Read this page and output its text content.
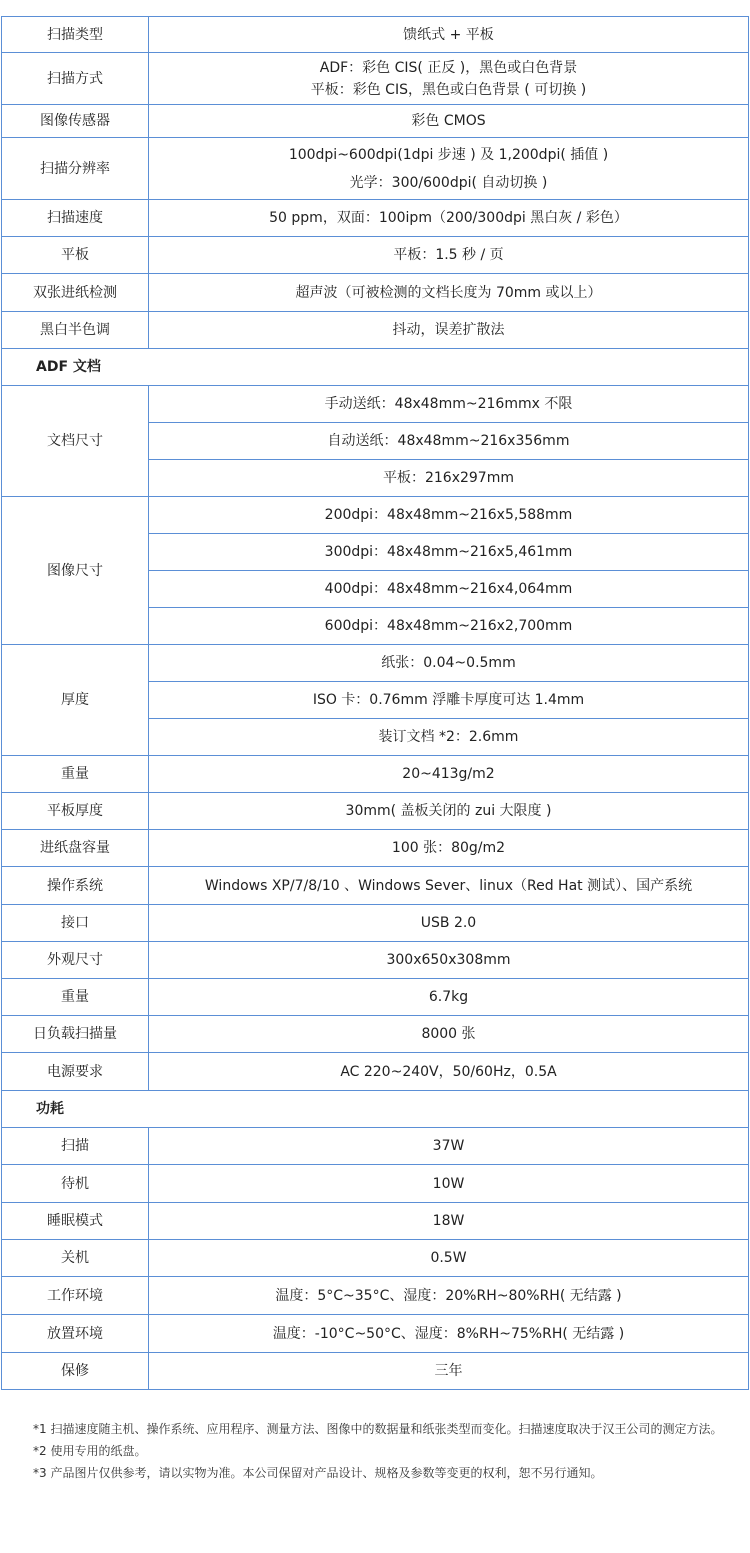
扫描类型	馈纸式 + 平板
扫描方式	ADF：彩色 CIS( 正反 )，黑色或白色背景
平板：彩色 CIS，黑色或白色背景 ( 可切换 )

图像传感器	彩色 CMOS
扫描分辨率	100dpi~600dpi(1dpi 步速 ) 及 1,200dpi( 插值 )
光学：300/600dpi( 自动切换 )

扫描速度	50 ppm，双面：100ipm（200/300dpi 黑白灰 / 彩色）
平板	平板：1.5 秒 / 页
双张进纸检测	超声波（可被检测的文档长度为 70mm 或以上）
黑白半色调	抖动，误差扩散法
ADF 文档	
文档尺寸	手动送纸：48x48mm~216mmx 不限
	自动送纸：48x48mm~216x356mm
	平板：216x297mm
图像尺寸	200dpi：48x48mm~216x5,588mm
	300dpi：48x48mm~216x5,461mm
	400dpi：48x48mm~216x4,064mm
	600dpi：48x48mm~216x2,700mm
厚度	纸张：0.04~0.5mm
	ISO 卡：0.76mm 浮雕卡厚度可达 1.4mm
	装订文档 *2：2.6mm
重量	20~413g/m2
平板厚度	30mm( 盖板关闭的 zui 大限度 )
进纸盘容量	100 张：80g/m2
操作系统	Windows XP/7/8/10 、Windows Sever、linux（Red Hat 测试）、国产系统
接口	USB 2.0
外观尺寸	300x650x308mm
重量	6.7kg
日负载扫描量	8000 张
电源要求	AC 220~240V，50/60Hz，0.5A
功耗	
扫描	37W
待机	10W
睡眠模式	18W
关机	0.5W
工作环境	温度：5°C~35°C、湿度：20%RH~80%RH( 无结露 )
放置环境	温度：-10°C~50°C、湿度：8%RH~75%RH( 无结露 )
保修	三年

*1 扫描速度随主机、操作系统、应用程序、测量方法、图像中的数据量和纸张类型而变化。扫描速度取决于汉王公司的测定方法。

*2 使用专用的纸盘。

*3 产品图片仅供参考，请以实物为准。本公司保留对产品设计、规格及参数等变更的权利，恕不另行通知。
